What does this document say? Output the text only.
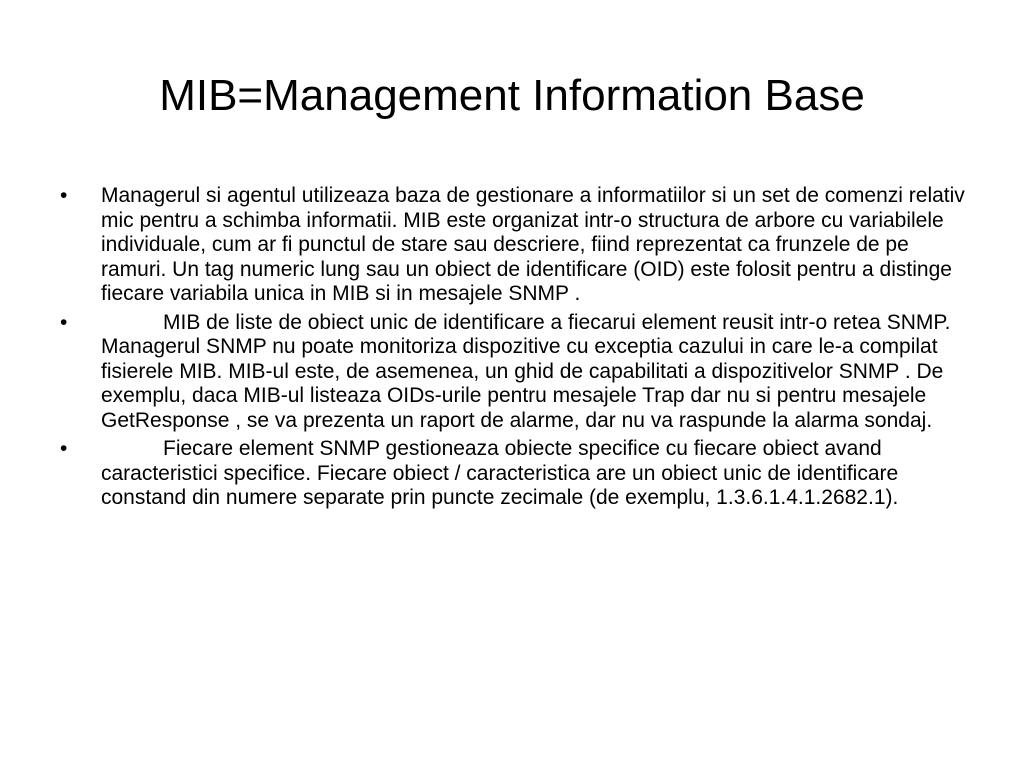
MIB=Management Information Base
•	Managerul si agentul utilizeaza baza de gestionare a informatiilor si un set de comenzi relativ mic pentru a schimba informatii. MIB este organizat intr-o structura de arbore cu variabilele individuale, cum ar fi punctul de stare sau descriere, fiind reprezentat ca frunzele de pe ramuri. Un tag numeric lung sau un obiect de identificare (OID) este folosit pentru a distinge fiecare variabila unica in MIB si in mesajele SNMP .
•	MIB de liste de obiect unic de identificare a fiecarui element reusit intr-o retea SNMP. Managerul SNMP nu poate monitoriza dispozitive cu exceptia cazului in care le-a compilat fisierele MIB. MIB-ul este, de asemenea, un ghid de capabilitati a dispozitivelor SNMP . De exemplu, daca MIB-ul listeaza OIDs-urile pentru mesajele Trap dar nu si pentru mesajele GetResponse , se va prezenta un raport de alarme, dar nu va raspunde la alarma sondaj.
•	Fiecare element SNMP gestioneaza obiecte specifice cu fiecare obiect avand caracteristici specifice. Fiecare obiect / caracteristica are un obiect unic de identificare constand din numere separate prin puncte zecimale (de exemplu, 1.3.6.1.4.1.2682.1).
